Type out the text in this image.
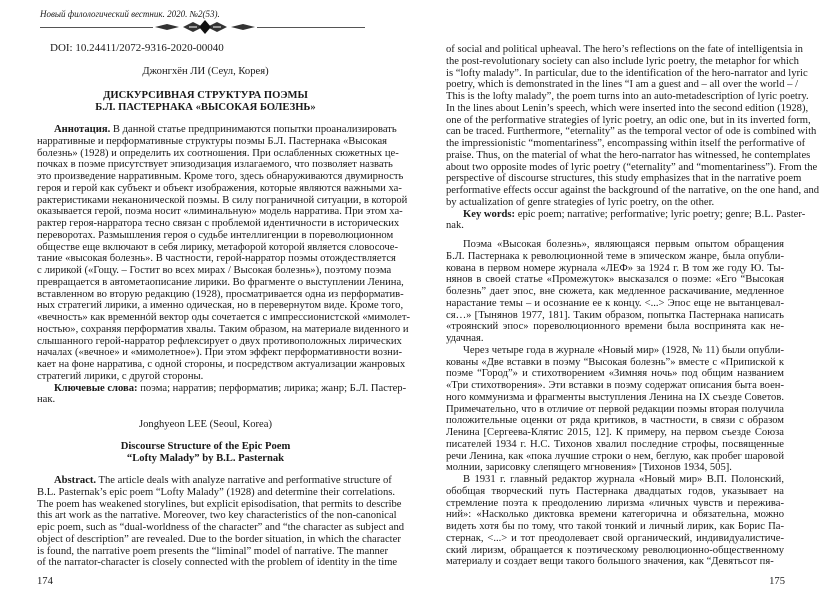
Новый филологический вестник. 2020. №2(53).
DOI: 10.24411/2072-9316-2020-00040
Джонгхён ЛИ (Сеул, Корея)
ДИСКУРСИВНАЯ СТРУКТУРА ПОЭМЫ
Б.Л. ПАСТЕРНАКА «ВЫСОКАЯ БОЛЕЗНЬ»
Аннотация. В данной статье предпринимаются попытки проанализировать
нарративные и перформативные структуры поэмы Б.Л. Пастернака «Высокая
болезнь» (1928) и определить их соотношения. При ослабленных сюжетных це-
почках в поэме присутствует эпизодизация излагаемого, что позволяет назвать
это произведение нарративным. Кроме того, здесь обнаруживаются двумирность
героя и герой как субъект и объект изображения, которые являются важными ха-
рактеристиками неканонической поэмы. В силу пограничной ситуации, в которой
оказывается герой, поэма носит «лиминальную» модель нарратива. При этом ха-
рактер героя-нарратора тесно связан с проблемой идентичности в исторических
переворотах. Размышления героя о судьбе интеллигенции в пореволюционном
обществе еще включают в себя лирику, метафорой которой является словосоче-
тание «высокая болезнь». В частности, герой-нарратор поэмы отождествляется
с лирикой («Гощу. – Гостит во всех мирах / Высокая болезнь»), поэтому поэма
превращается в автометаописание лирики. Во фрагменте о выступлении Ленина,
вставленном во вторую редакцию (1928), просматривается одна из перформатив-
ных стратегий лирики, а именно одическая, но в перевернутом виде. Кроме того,
«вечность» как временнóй вектор оды сочетается с импрессионистской «мимолет-
ностью», сохраняя перформатив хвалы. Таким образом, на материале виденного и
слышанного герой-нарратор рефлексирует о двух противоположных лирических
началах («вечное» и «мимолетное»). При этом эффект перформативности возни-
кает на фоне нарратива, с одной стороны, и посредством актуализации жанровых
стратегий лирики, с другой стороны.
Ключевые слова: поэма; нарратив; перформатив; лирика; жанр; Б.Л. Пастер-
нак.
Jonghyeon LEE (Seoul, Korea)
Discourse Structure of the Epic Poem
“Lofty Malady” by B.L. Pasternak
Abstract. The article deals with analyze narrative and performative structure of
B.L. Pasternak’s epic poem “Lofty Malady” (1928) and determine their correlations.
The poem has weakened storylines, but explicit episodisation, that permits to describe
this art work as the narrative. Moreover, two key characteristics of the non-canonical
epic poem, such as “dual-worldness of the character” and “the character as subject and
object of description” are revealed. Due to the border situation, in which the character
is found, the narrative poem presents the “liminal” model of narrative. The manner
of the narrator-character is closely connected with the problem of identity in the time
174
of social and political upheaval. The hero’s reflections on the fate of intelligentsia in
the post-revolutionary society can also include lyric poetry, the metaphor for which
is “lofty malady”. In particular, due to the identification of the hero-narrator and lyric
poetry, which is demonstrated in the lines “I am a guest and – all over the world – /
This is the lofty malady”, the poem turns into an auto-metadescription of lyric poetry.
In the lines about Lenin’s speech, which were inserted into the second edition (1928),
one of the performative strategies of lyric poetry, an odic one, but in its inverted form,
can be traced. Furthermore, “eternality” as the temporal vector of ode is combined with
the impressionistic “momentariness”, encompassing within itself the performative of
praise. Thus, on the material of what the hero-narrator has witnessed, he contemplates
about two opposite modes of lyric poetry (“eternality” and “momentariness”). From the
perspective of discourse structures, this study emphasizes that in the narrative poem
performative effects occur against the background of the narrative, on the one hand, and
by actualization of genre strategies of lyric poetry, on the other.
Key words: epic poem; narrative; performative; lyric poetry; genre; B.L. Paster-
nak.
Поэма «Высокая болезнь», являющаяся первым опытом обращения
Б.Л. Пастернака к революционной теме в эпическом жанре, была опубли-
кована в первом номере журнала «ЛЕФ» за 1924 г. В том же году Ю. Ты-
нянов в своей статье «Промежуток» высказался о поэме: «Его “Высокая
болезнь” дает эпос, вне сюжета, как медленное раскачивание, медленное
нарастание темы – и осознание ее к концу. <...> Эпос еще не вытанцевал-
ся…» [Тынянов 1977, 181]. Таким образом, попытка Пастернака написать
«троянский эпос» пореволюционного времени была воспринята как не-
удачная.
Через четыре года в журнале «Новый мир» (1928, № 11) были опубли-
кованы «Две вставки в поэму “Высокая болезнь”» вместе с «Припиской к
поэме “Город”» и стихотворением «Зимняя ночь» под общим названием
«Три стихотворения». Эти вставки в поэму содержат описания быта воен-
ного коммунизма и фрагменты выступления Ленина на IX съезде Советов.
Примечательно, что в отличие от первой редакции поэмы вторая получила
положительные оценки от ряда критиков, в частности, в связи с образом
Ленина [Сергеева-Клятис 2015, 12]. К примеру, на первом съезде Союза
писателей 1934 г. Н.С. Тихонов хвалил последние строфы, посвященные
речи Ленина, как «пока лучшие строки о нем, беглую, как пробег шаровой
молнии, зарисовку слепящего мгновения» [Тихонов 1934, 505].
В 1931 г. главный редактор журнала «Новый мир» В.П. Полонский,
обобщая творческий путь Пастернака двадцатых годов, указывает на
стремление поэта к преодолению лиризма «личных чувств и пережива-
ний»: «Насколько диктовка времени категорична и обязательна, можно
видеть хотя бы по тому, что такой тонкий и личный лирик, как Борис Па-
стернак, <...> и тот преодолевает свой органический, индивидуалистиче-
ский лиризм, обращается к поэтическому революционно-общественному
материалу и создает вещи такого большого значения, как “Девятьсот пя-
175
